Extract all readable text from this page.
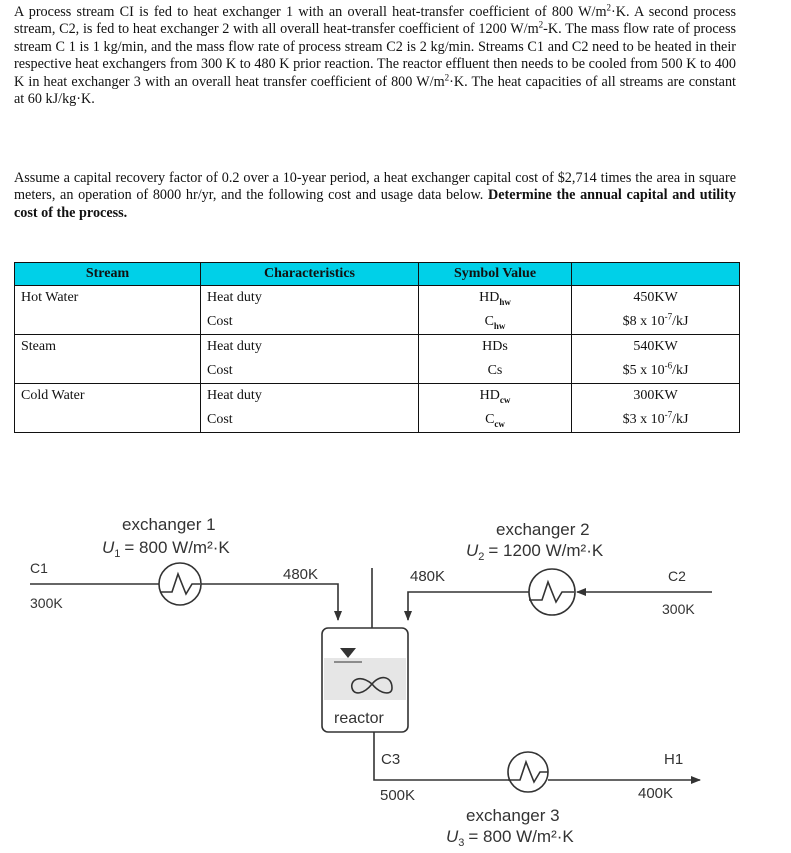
A process stream CI is fed to heat exchanger 1 with an overall heat-transfer coefficient of 800 $W/m^2\cdot K$. A second process stream, C2, is fed to heat exchanger 2 with all overall heat-transfer coefficient of 1200 $W/m^2-K$. The mass flow rate of process stream C 1 is 1 kg/min, and the mass flow rate of process stream C2 is 2 kg/min. Streams C1 and C2 need to be heated in their respective heat exchangers from 300 K to 480 K prior reaction. The reactor effluent then needs to be cooled from 500 K to 400 K in heat exchanger 3 with an overall heat transfer coefficient of 800 $W/m^2\cdot K$. The heat capacities of all streams are constant at 60 kJ/kg·K.
Assume a capital recovery factor of 0.2 over a 10-year period, a heat exchanger capital cost of $2,714 times the area in square meters, an operation of 8000 hr/yr, and the following cost and usage data below. Determine the annual capital and utility cost of the process.
Stream	Characteristics	Symbol Value	
Hot Water	Heat duty	$HD_{hw}$	450KW
	Cost	$C_{hw}$	$8 x $10^{-7}/kJ$
Steam	Heat duty	HDs	540KW
	Cost	Cs	$5 x $10^{-6}/kJ$
Cold Water	Heat duty	$HD_{cw}$	300KW
	Cost	$C_{cw}$	$3 x $10^{-7}/kJ$
exchanger 1
$U_1 = 800$ W/m²·K
exchanger 2
$U_2 = 1200$ W/m²·K
C1
300K
480K	C2
300K
480K
reactor
C3
500K
H1
400K
exchanger 3
$U_3 = 800$ W/m²·K
